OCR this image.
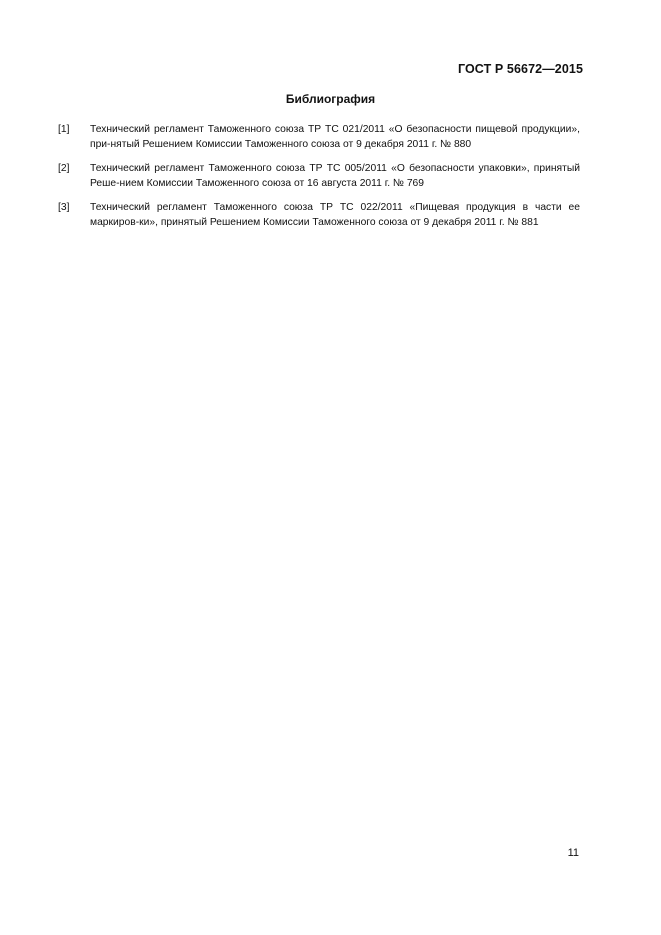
ГОСТ Р 56672—2015
Библиография
[1]	Технический регламент Таможенного союза ТР ТС 021/2011 «О безопасности пищевой продукции», при-нятый Решением Комиссии Таможенного союза от 9 декабря 2011 г. № 880
[2]	Технический регламент Таможенного союза ТР ТС 005/2011 «О безопасности упаковки», принятый Реше-нием Комиссии Таможенного союза от 16 августа 2011 г. № 769
[3]	Технический регламент Таможенного союза ТР ТС 022/2011 «Пищевая продукция в части ее маркиров-ки», принятый Решением Комиссии Таможенного союза от 9 декабря 2011 г. № 881
11
